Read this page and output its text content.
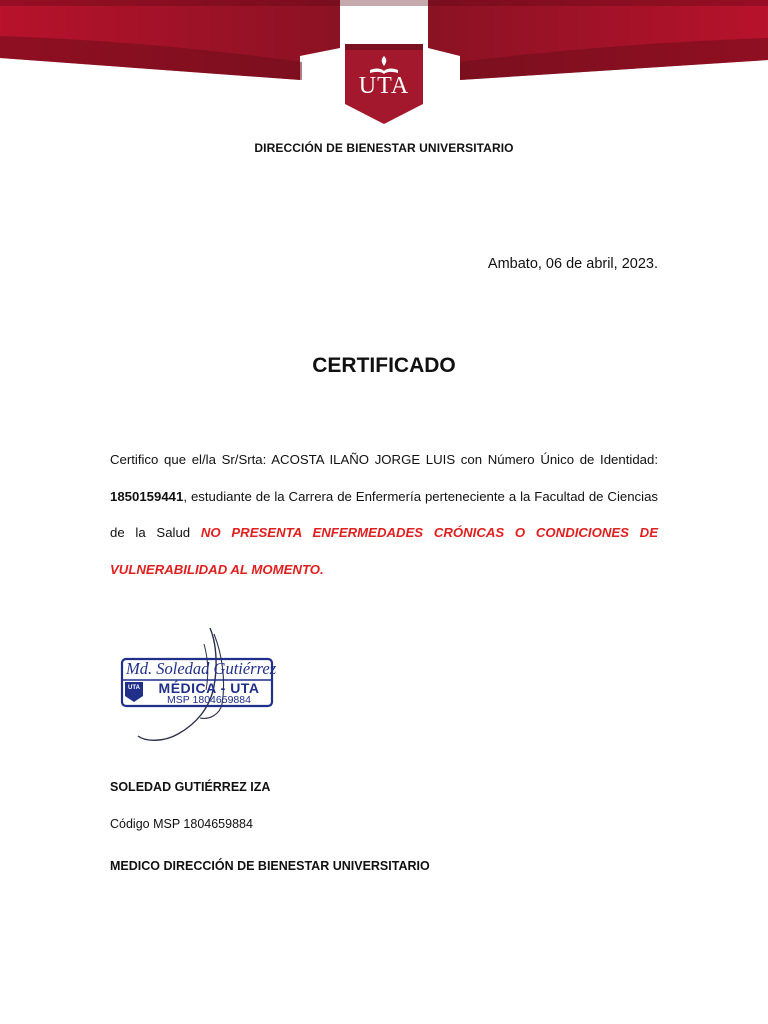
UTA
DIRECCIÓN DE BIENESTAR UNIVERSITARIO
Ambato, 06 de abril, 2023.
CERTIFICADO
Certifico que el/la Sr/Srta: ACOSTA ILAÑO JORGE LUIS con Número Único de Identidad: 1850159441, estudiante de la Carrera de Enfermería perteneciente a la Facultad de Ciencias de la Salud NO PRESENTA ENFERMEDADES CRÓNICAS O CONDICIONES DE VULNERABILIDAD AL MOMENTO.
Md. Soledad Gutiérrez
UTA	MÉDICA - UTA
MSP 1804659884
SOLEDAD GUTIÉRREZ IZA
Código MSP 1804659884
MEDICO DIRECCIÓN DE BIENESTAR UNIVERSITARIO
